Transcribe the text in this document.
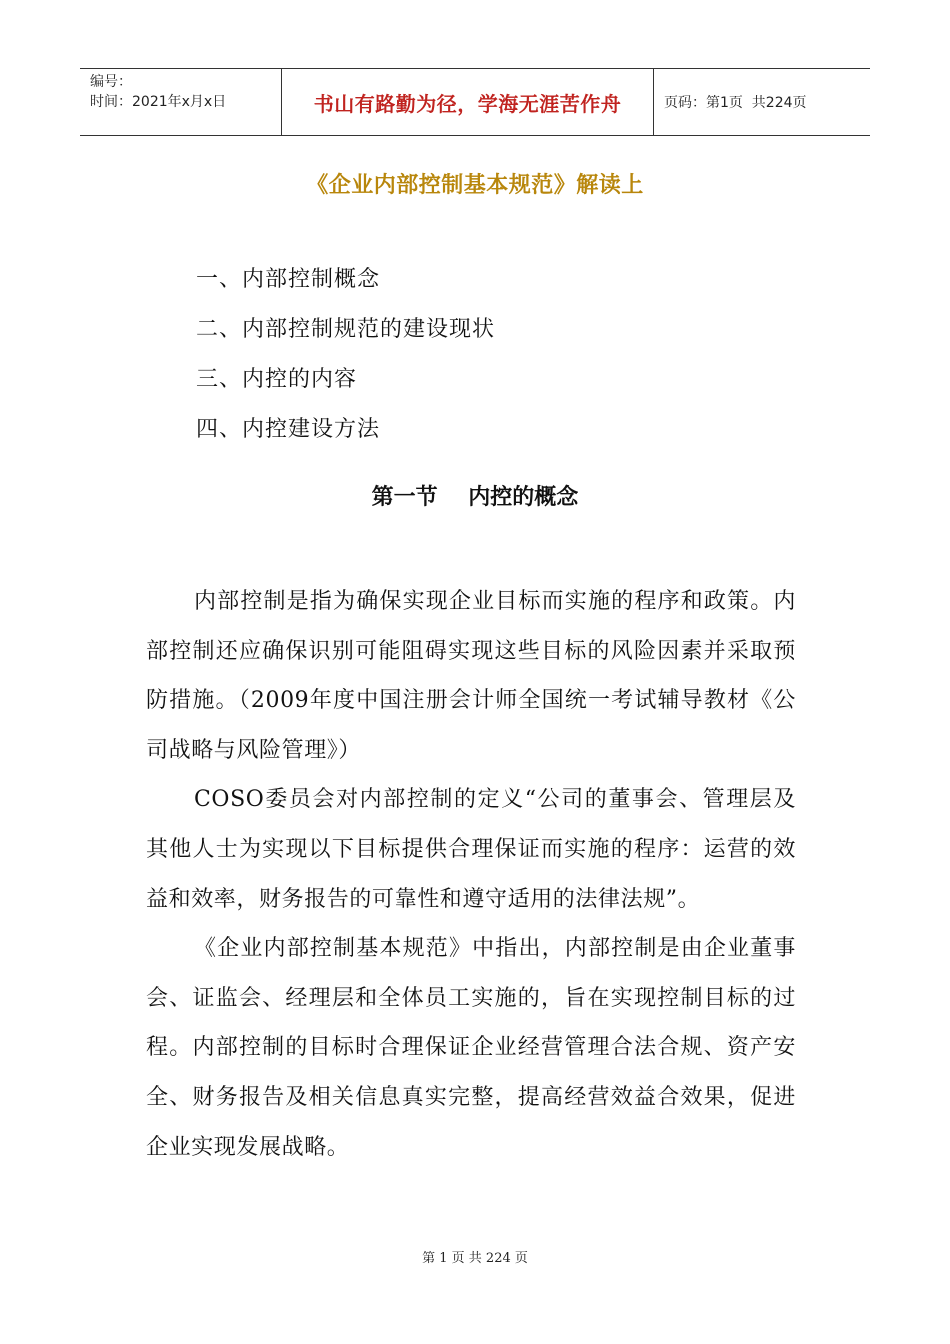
编号：
时间：2021年x月x日	书山有路勤为径，学海无涯苦作舟	页码：第1页  共224页
《企业内部控制基本规范》解读上
一、内部控制概念
二、内部控制规范的建设现状
三、内控的内容
四、内控建设方法
第一节    内控的概念

内部控制是指为确保实现企业目标而实施的程序和政策。内部控制还应确保识别可能阻碍实现这些目标的风险因素并采取预防措施。（2009年度中国注册会计师全国统一考试辅导教材《公司战略与风险管理》）

COSO委员会对内部控制的定义“公司的董事会、管理层及其他人士为实现以下目标提供合理保证而实施的程序：运营的效益和效率，财务报告的可靠性和遵守适用的法律法规”。

《企业内部控制基本规范》中指出，内部控制是由企业董事会、证监会、经理层和全体员工实施的，旨在实现控制目标的过程。内部控制的目标时合理保证企业经营管理合法合规、资产安全、财务报告及相关信息真实完整，提高经营效益合效果，促进企业实现发展战略。

第 1 页 共 224 页
